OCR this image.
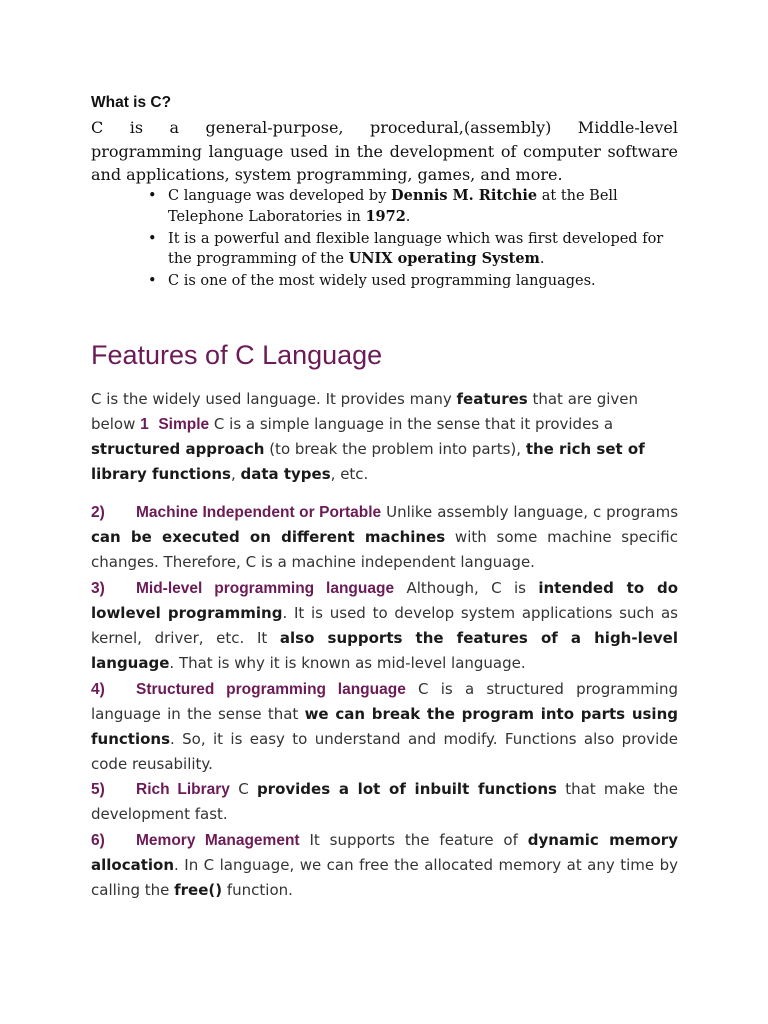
What is C?
C is a general-purpose, procedural,(assembly) Middle-level programming language used in the development of computer software and applications, system programming, games, and more.
• C language was developed by Dennis M. Ritchie at the Bell Telephone Laboratories in 1972.
• It is a powerful and flexible language which was first developed for the programming of the UNIX operating System.
• C is one of the most widely used programming languages.
Features of C Language
C is the widely used language. It provides many features that are given below 1 Simple C is a simple language in the sense that it provides a structured approach (to break the problem into parts), the rich set of library functions, data types, etc.
2) Machine Independent or Portable Unlike assembly language, c programs can be executed on different machines with some machine specific changes. Therefore, C is a machine independent language.
3) Mid-level programming language Although, C is intended to do lowlevel programming. It is used to develop system applications such as kernel, driver, etc. It also supports the features of a high-level language. That is why it is known as mid-level language.
4) Structured programming language C is a structured programming language in the sense that we can break the program into parts using functions. So, it is easy to understand and modify. Functions also provide code reusability.
5) Rich Library C provides a lot of inbuilt functions that make the development fast.
6) Memory Management It supports the feature of dynamic memory allocation. In C language, we can free the allocated memory at any time by calling the free() function.
